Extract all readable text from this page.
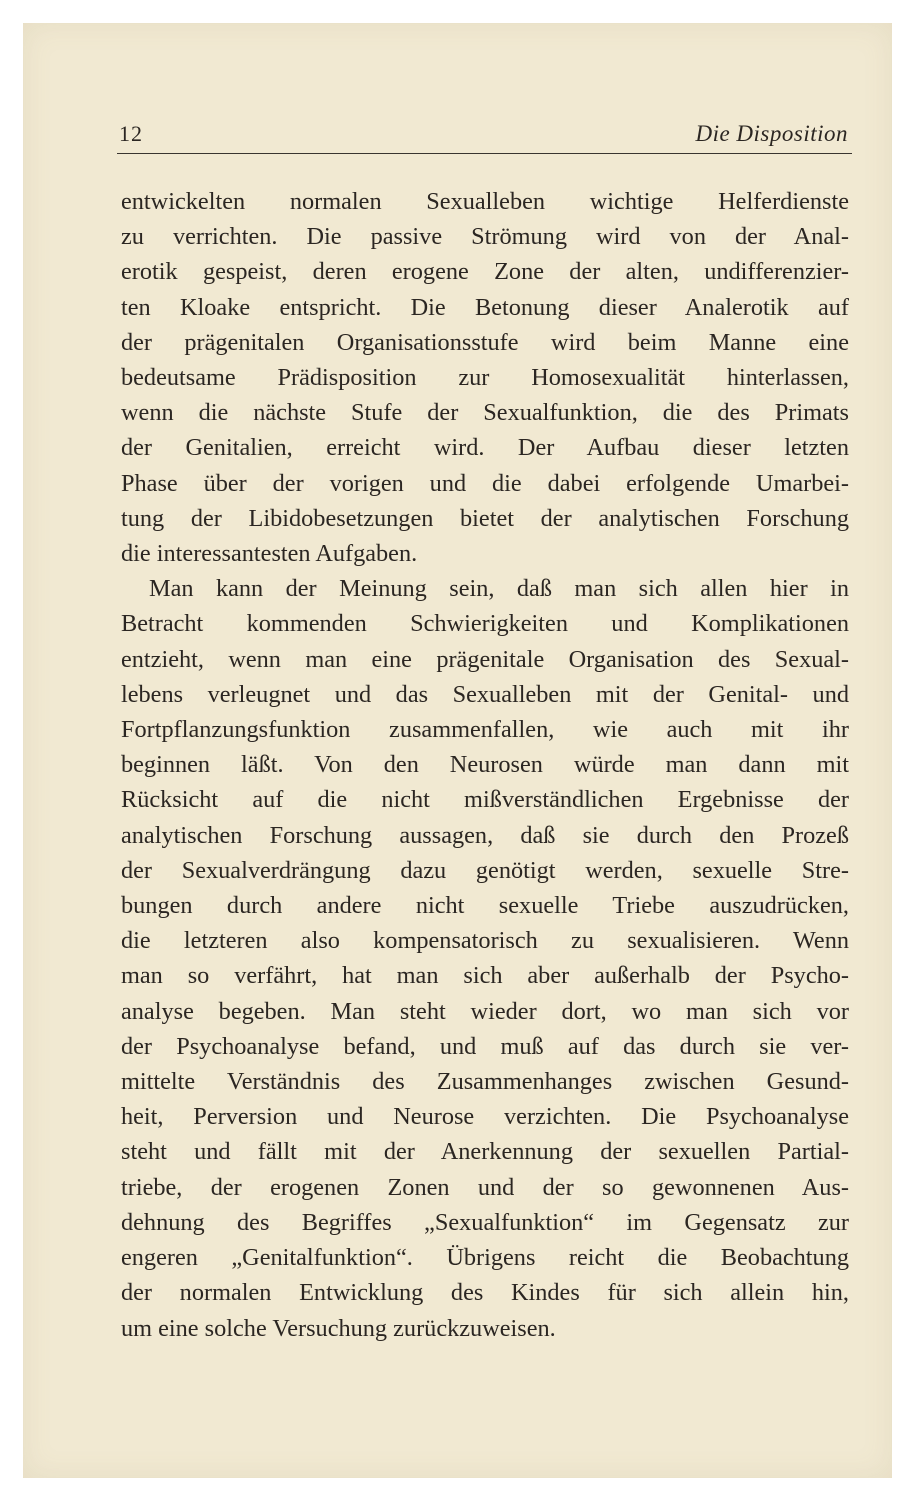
12	Die Disposition
entwickelten normalen Sexualleben wichtige Helferdienste
zu verrichten. Die passive Strömung wird von der Anal-
erotik gespeist, deren erogene Zone der alten, undifferenzier-
ten Kloake entspricht. Die Betonung dieser Analerotik auf
der prägenitalen Organisationsstufe wird beim Manne eine
bedeutsame Prädisposition zur Homosexualität hinterlassen,
wenn die nächste Stufe der Sexualfunktion, die des Primats
der Genitalien, erreicht wird. Der Aufbau dieser letzten
Phase über der vorigen und die dabei erfolgende Umarbei-
tung der Libidobesetzungen bietet der analytischen Forschung
die interessantesten Aufgaben.
Man kann der Meinung sein, daß man sich allen hier in
Betracht kommenden Schwierigkeiten und Komplikationen
entzieht, wenn man eine prägenitale Organisation des Sexual-
lebens verleugnet und das Sexualleben mit der Genital- und
Fortpflanzungsfunktion zusammenfallen, wie auch mit ihr
beginnen läßt. Von den Neurosen würde man dann mit
Rücksicht auf die nicht mißverständlichen Ergebnisse der
analytischen Forschung aussagen, daß sie durch den Prozeß
der Sexualverdrängung dazu genötigt werden, sexuelle Stre-
bungen durch andere nicht sexuelle Triebe auszudrücken,
die letzteren also kompensatorisch zu sexualisieren. Wenn
man so verfährt, hat man sich aber außerhalb der Psycho-
analyse begeben. Man steht wieder dort, wo man sich vor
der Psychoanalyse befand, und muß auf das durch sie ver-
mittelte Verständnis des Zusammenhanges zwischen Gesund-
heit, Perversion und Neurose verzichten. Die Psychoanalyse
steht und fällt mit der Anerkennung der sexuellen Partial-
triebe, der erogenen Zonen und der so gewonnenen Aus-
dehnung des Begriffes „Sexualfunktion“ im Gegensatz zur
engeren „Genitalfunktion“. Übrigens reicht die Beobachtung
der normalen Entwicklung des Kindes für sich allein hin,
um eine solche Versuchung zurückzuweisen.
